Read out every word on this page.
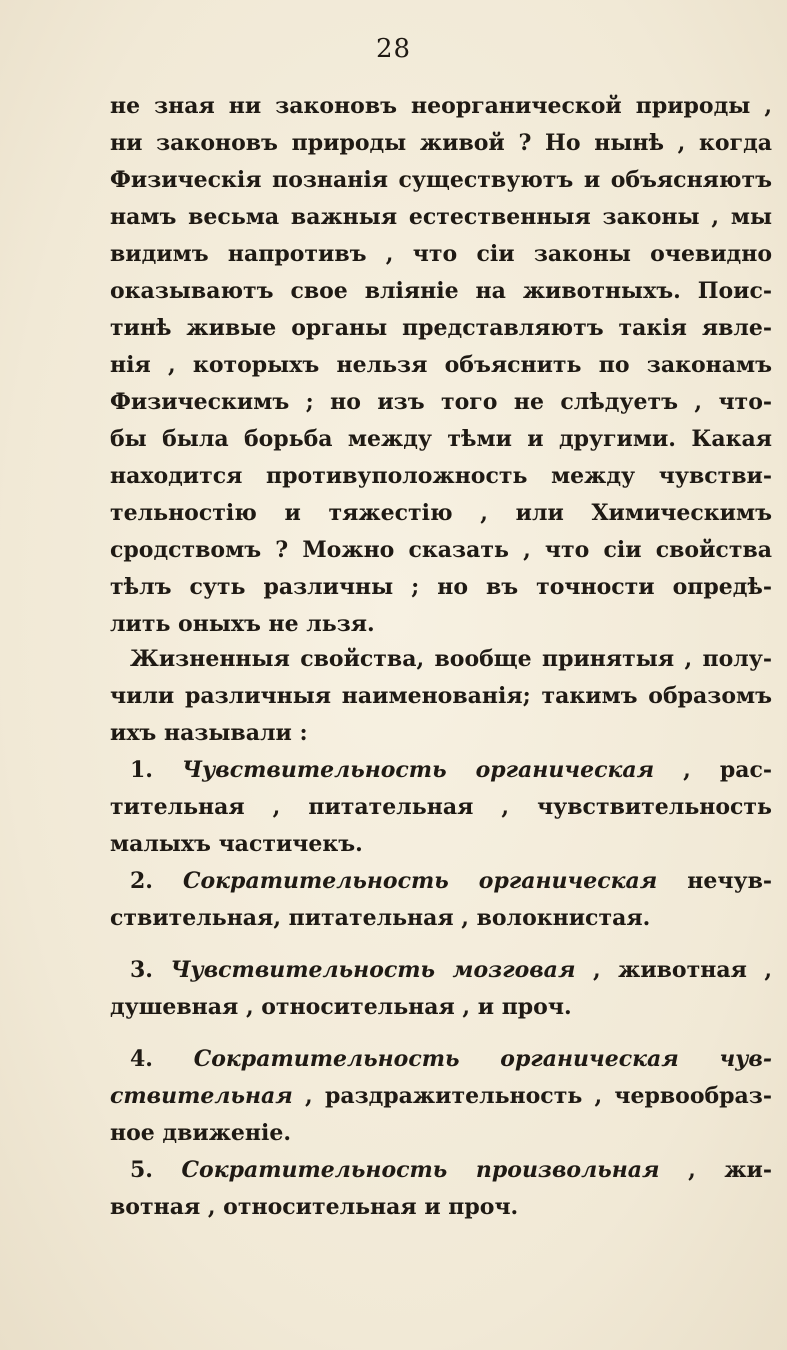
28
не зная ни законовъ неорганической природы ,
ни законовъ природы живой ? Но нынѣ , когда
Физическiя познанiя существуютъ и объясняютъ
намъ весьма важныя естественныя законы , мы
видимъ напротивъ , что сiи законы очевидно
оказываютъ свое влiянiе на животныхъ. Поис-
тинѣ живые органы представляютъ такiя явле-
нiя , которыхъ нельзя объяснить по законамъ
Физическимъ ; но изъ того не слѣдуетъ , что-
бы была борьба между тѣми и другими. Какая
находится противуположность между чувстви-
тельностiю и тяжестiю , или Химическимъ
сродствомъ ? Можно сказать , что сiи свойства
тѣлъ суть различны ; но въ точности опредѣ-
лить оныхъ не льзя.
Жизненныя свойства, вообще принятыя , полу-
чили различныя наименованiя; такимъ образомъ
ихъ называли :
1. Чувствительность органическая , рас-
тительная , питательная , чувствительность
малыхъ частичекъ.
2. Сократительность органическая нечув-
ствительная, питательная , волокнистая.
3. Чувствительность мозговая , животная ,
душевная , относительная , и проч.
4. Сократительность органическая чув-
ствительная , раздражительность , червообраз-
ное движенiе.
5. Сократительность произвольная , жи-
вотная , относительная и проч.
